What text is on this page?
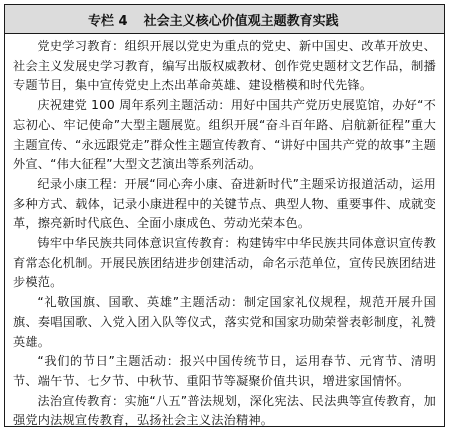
专栏 4 社会主义核心价值观主题教育实践

党史学习教育：组织开展以党史为重点的党史、新中国史、改革开放史、社会主义发展史学习教育，编写出版权威教材、创作党史题材文艺作品，制播专题节目，集中宣传党史上杰出革命英雄、建设楷模和时代先锋。

庆祝建党 100 周年系列主题活动：用好中国共产党历史展览馆，办好“不忘初心、牢记使命”大型主题展览。组织开展“奋斗百年路、启航新征程”重大主题宣传、“永远跟党走”群众性主题宣传教育、“讲好中国共产党的故事”主题外宣、“伟大征程”大型文艺演出等系列活动。

纪录小康工程：开展“同心奔小康、奋进新时代”主题采访报道活动，运用多种方式、载体，记录小康进程中的关键节点、典型人物、重要事件、成就变革，擦亮新时代底色、全面小康成色、劳动光荣本色。

铸牢中华民族共同体意识宣传教育：构建铸牢中华民族共同体意识宣传教育常态化机制。开展民族团结进步创建活动，命名示范单位，宣传民族团结进步模范。

“礼敬国旗、国歌、英雄”主题活动：制定国家礼仪规程，规范开展升国旗、奏唱国歌、入党入团入队等仪式，落实党和国家功勋荣誉表彰制度，礼赞英雄。

“我们的节日”主题活动：报兴中国传统节日，运用春节、元宵节、清明节、端午节、七夕节、中秋节、重阳节等凝聚价值共识，增进家国情怀。

法治宣传教育：实施“八五”普法规划，深化宪法、民法典等宣传教育，加强党内法规宣传教育，弘扬社会主义法治精神。
